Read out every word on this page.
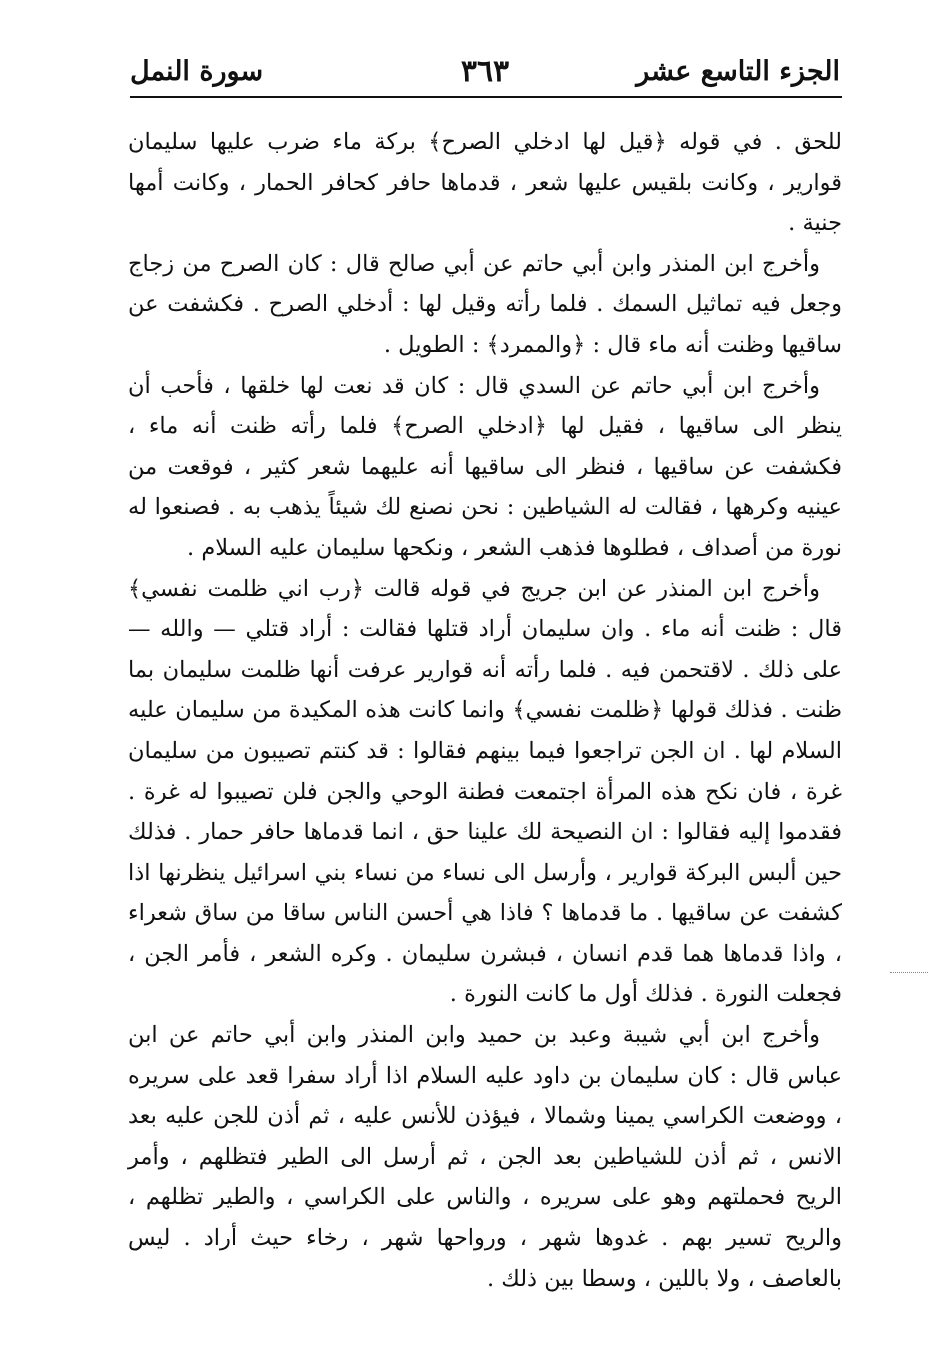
الجزء التاسع عشر
٣٦٣
سورة النمل

للحق . في قوله ﴿قيل لها ادخلي الصرح﴾ بركة ماء ضرب عليها سليمان قوارير ، وكانت بلقيس عليها شعر ، قدماها حافر كحافر الحمار ، وكانت أمها جنية .

وأخرج ابن المنذر وابن أبي حاتم عن أبي صالح قال : كان الصرح من زجاج وجعل فيه تماثيل السمك . فلما رأته وقيل لها : أدخلي الصرح . فكشفت عن ساقيها وظنت أنه ماء قال : ﴿والممرد﴾ : الطويل .

وأخرج ابن أبي حاتم عن السدي قال : كان قد نعت لها خلقها ، فأحب أن ينظر الى ساقيها ، فقيل لها ﴿ادخلي الصرح﴾ فلما رأته ظنت أنه ماء ، فكشفت عن ساقيها ، فنظر الى ساقيها أنه عليهما شعر كثير ، فوقعت من عينيه وكرهها ، فقالت له الشياطين : نحن نصنع لك شيئاً يذهب به . فصنعوا له نورة من أصداف ، فطلوها فذهب الشعر ، ونكحها سليمان عليه السلام .

وأخرج ابن المنذر عن ابن جريج في قوله قالت ﴿رب اني ظلمت نفسي﴾ قال : ظنت أنه ماء . وان سليمان أراد قتلها فقالت : أراد قتلي — والله — على ذلك . لاقتحمن فيه . فلما رأته أنه قوارير عرفت أنها ظلمت سليمان بما ظنت . فذلك قولها ﴿ظلمت نفسي﴾ وانما كانت هذه المكيدة من سليمان عليه السلام لها . ان الجن تراجعوا فيما بينهم فقالوا : قد كنتم تصيبون من سليمان غرة ، فان نكح هذه المرأة اجتمعت فطنة الوحي والجن فلن تصيبوا له غرة . فقدموا إليه فقالوا : ان النصيحة لك علينا حق ، انما قدماها حافر حمار . فذلك حين ألبس البركة قوارير ، وأرسل الى نساء من نساء بني اسرائيل ينظرنها اذا كشفت عن ساقيها . ما قدماها ؟ فاذا هي أحسن الناس ساقا من ساق شعراء ، واذا قدماها هما قدم انسان ، فبشرن سليمان . وكره الشعر ، فأمر الجن ، فجعلت النورة . فذلك أول ما كانت النورة .

وأخرج ابن أبي شيبة وعبد بن حميد وابن المنذر وابن أبي حاتم عن ابن عباس قال : كان سليمان بن داود عليه السلام اذا أراد سفرا قعد على سريره ، ووضعت الكراسي يمينا وشمالا ، فيؤذن للأنس عليه ، ثم أذن للجن عليه بعد الانس ، ثم أذن للشياطين بعد الجن ، ثم أرسل الى الطير فتظلهم ، وأمر الريح فحملتهم وهو على سريره ، والناس على الكراسي ، والطير تظلهم ، والريح تسير بهم . غدوها شهر ، ورواحها شهر ، رخاء حيث أراد . ليس بالعاصف ، ولا باللين ، وسطا بين ذلك .
